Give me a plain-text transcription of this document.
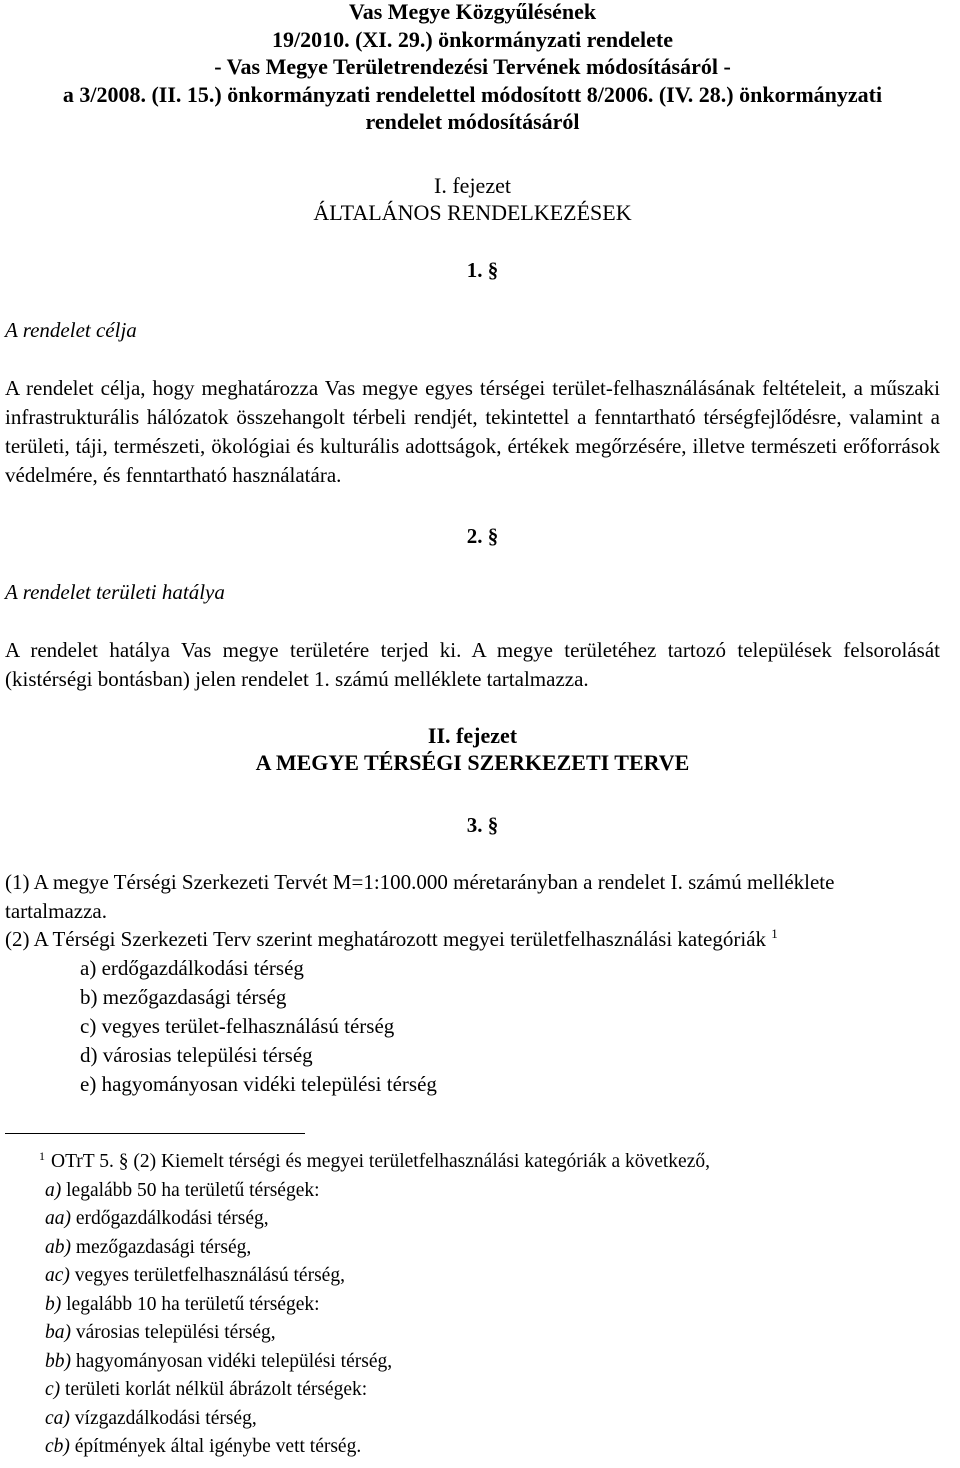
Vas Megye Közgyűlésének
19/2010. (XI. 29.) önkormányzati rendelete
- Vas Megye Területrendezési Tervének módosításáról -
a 3/2008. (II. 15.) önkormányzati rendelettel módosított 8/2006. (IV. 28.) önkormányzati
rendelet módosításáról
I. fejezet
ÁLTALÁNOS RENDELKEZÉSEK
1. §
A rendelet célja
A rendelet célja, hogy meghatározza Vas megye egyes térségei terület-felhasználásának feltételeit, a műszaki infrastrukturális hálózatok összehangolt térbeli rendjét, tekintettel a fenntartható térségfejlődésre, valamint a területi, táji, természeti, ökológiai és kulturális adottságok, értékek megőrzésére, illetve természeti erőforrások védelmére, és fenntartható használatára.
2. §
A rendelet területi hatálya
A rendelet hatálya Vas megye területére terjed ki. A megye területéhez tartozó települések felsorolását (kistérségi bontásban) jelen rendelet 1. számú melléklete tartalmazza.
II. fejezet
A MEGYE TÉRSÉGI SZERKEZETI TERVE
3. §
(1) A megye Térségi Szerkezeti Tervét M=1:100.000 méretarányban a rendelet I. számú melléklete tartalmazza.
(2) A Térségi Szerkezeti Terv szerint meghatározott megyei területfelhasználási kategóriák $^1$
a) erdőgazdálkodási térség
b) mezőgazdasági térség
c) vegyes terület-felhasználású térség
d) városias települési térség
e) hagyományosan vidéki települési térség
$^1$ OTrT 5. § (2) Kiemelt térségi és megyei területfelhasználási kategóriák a következő,
a) legalább 50 ha területű térségek:
aa) erdőgazdálkodási térség,
ab) mezőgazdasági térség,
ac) vegyes területfelhasználású térség,
b) legalább 10 ha területű térségek:
ba) városias települési térség,
bb) hagyományosan vidéki települési térség,
c) területi korlát nélkül ábrázolt térségek:
ca) vízgazdálkodási térség,
cb) építmények által igénybe vett térség.
